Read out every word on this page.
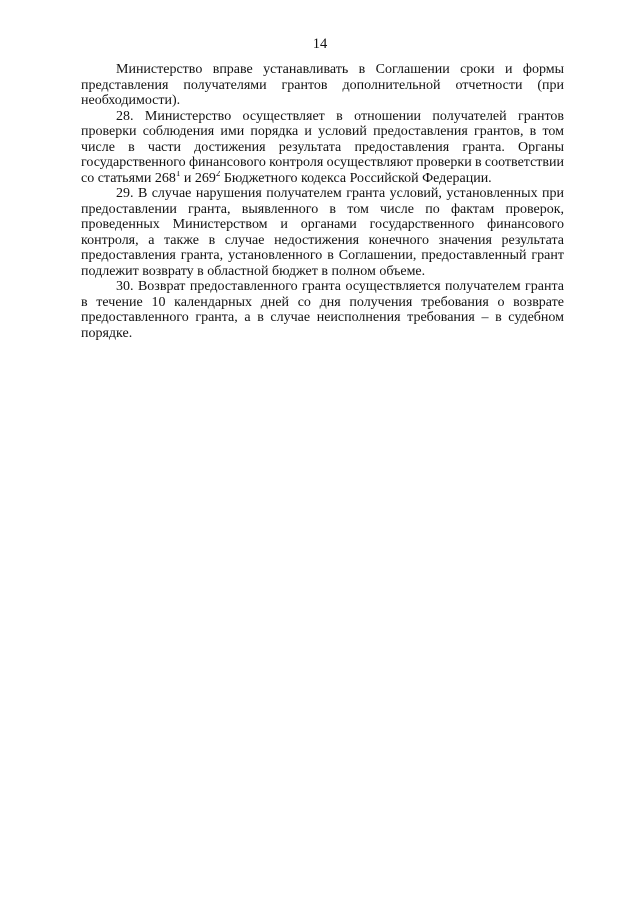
14
Министерство вправе устанавливать в Соглашении сроки и формы
представления получателями грантов дополнительной отчетности (при
необходимости).
28. Министерство осуществляет в отношении получателей грантов
проверки соблюдения ими порядка и условий предоставления грантов, в том
числе в части достижения результата предоставления гранта. Органы
государственного финансового контроля осуществляют проверки в соответствии
со статьями $268^1$ и $269^2$ Бюджетного кодекса Российской Федерации.
29. В случае нарушения получателем гранта условий, установленных при
предоставлении гранта, выявленного в том числе по фактам проверок,
проведенных Министерством и органами государственного финансового
контроля, а также в случае недостижения конечного значения результата
предоставления гранта, установленного в Соглашении, предоставленный грант
подлежит возврату в областной бюджет в полном объеме.
30. Возврат предоставленного гранта осуществляется получателем гранта
в течение 10 календарных дней со дня получения требования о возврате
предоставленного гранта, а в случае неисполнения требования – в судебном
порядке.
